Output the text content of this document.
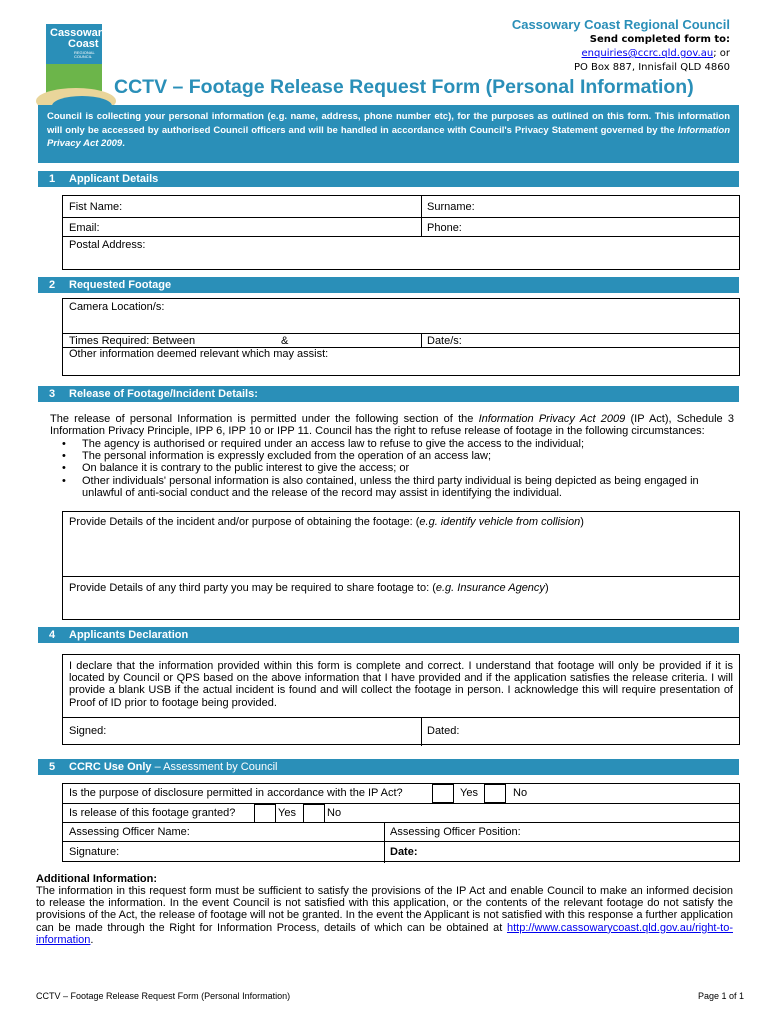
Cassowary
Coast
REGIONAL COUNCIL
Cassowary Coast Regional Council
Send completed form to:
enquiries@ccrc.qld.gov.au; or
PO Box 887, Innisfail QLD 4860
CCTV – Footage Release Request Form (Personal Information)
Council is collecting your personal information (e.g. name, address, phone number etc), for the purposes as outlined on this form. This information will only be accessed by authorised Council officers and will be handled in accordance with Council's Privacy Statement governed by the Information Privacy Act 2009.
1 Applicant Details
Fist Name:	Surname:
Email:	Phone:
Postal Address:
2 Requested Footage
Camera Location/s:
Times Required: Between	&	Date/s:
Other information deemed relevant which may assist:
3 Release of Footage/Incident Details:
The release of personal Information is permitted under the following section of the Information Privacy Act 2009 (IP Act), Schedule 3 Information Privacy Principle, IPP 6, IPP 10 or IPP 11. Council has the right to refuse release of footage in the following circumstances:
• The agency is authorised or required under an access law to refuse to give the access to the individual;
• The personal information is expressly excluded from the operation of an access law;
• On balance it is contrary to the public interest to give the access; or
• Other individuals' personal information is also contained, unless the third party individual is being depicted as being engaged in unlawful of anti-social conduct and the release of the record may assist in identifying the individual.
Provide Details of the incident and/or purpose of obtaining the footage: (e.g. identify vehicle from collision)
Provide Details of any third party you may be required to share footage to: (e.g. Insurance Agency)
4 Applicants Declaration
I declare that the information provided within this form is complete and correct. I understand that footage will only be provided if it is located by Council or QPS based on the above information that I have provided and if the application satisfies the release criteria. I will provide a blank USB if the actual incident is found and will collect the footage in person. I acknowledge this will require presentation of Proof of ID prior to footage being provided.
Signed:	Dated:
5 CCRC Use Only – Assessment by Council
Is the purpose of disclosure permitted in accordance with the IP Act?	Yes	No
Is release of this footage granted?	Yes	No
Assessing Officer Name:	Assessing Officer Position:
Signature:	Date:
Additional Information:
The information in this request form must be sufficient to satisfy the provisions of the IP Act and enable Council to make an informed decision to release the information. In the event Council is not satisfied with this application, or the contents of the relevant footage do not satisfy the provisions of the Act, the release of footage will not be granted. In the event the Applicant is not satisfied with this response a further application can be made through the Right for Information Process, details of which can be obtained at http://www.cassowarycoast.qld.gov.au/right-to-information.
CCTV – Footage Release Request Form (Personal Information)	Page 1 of 1
